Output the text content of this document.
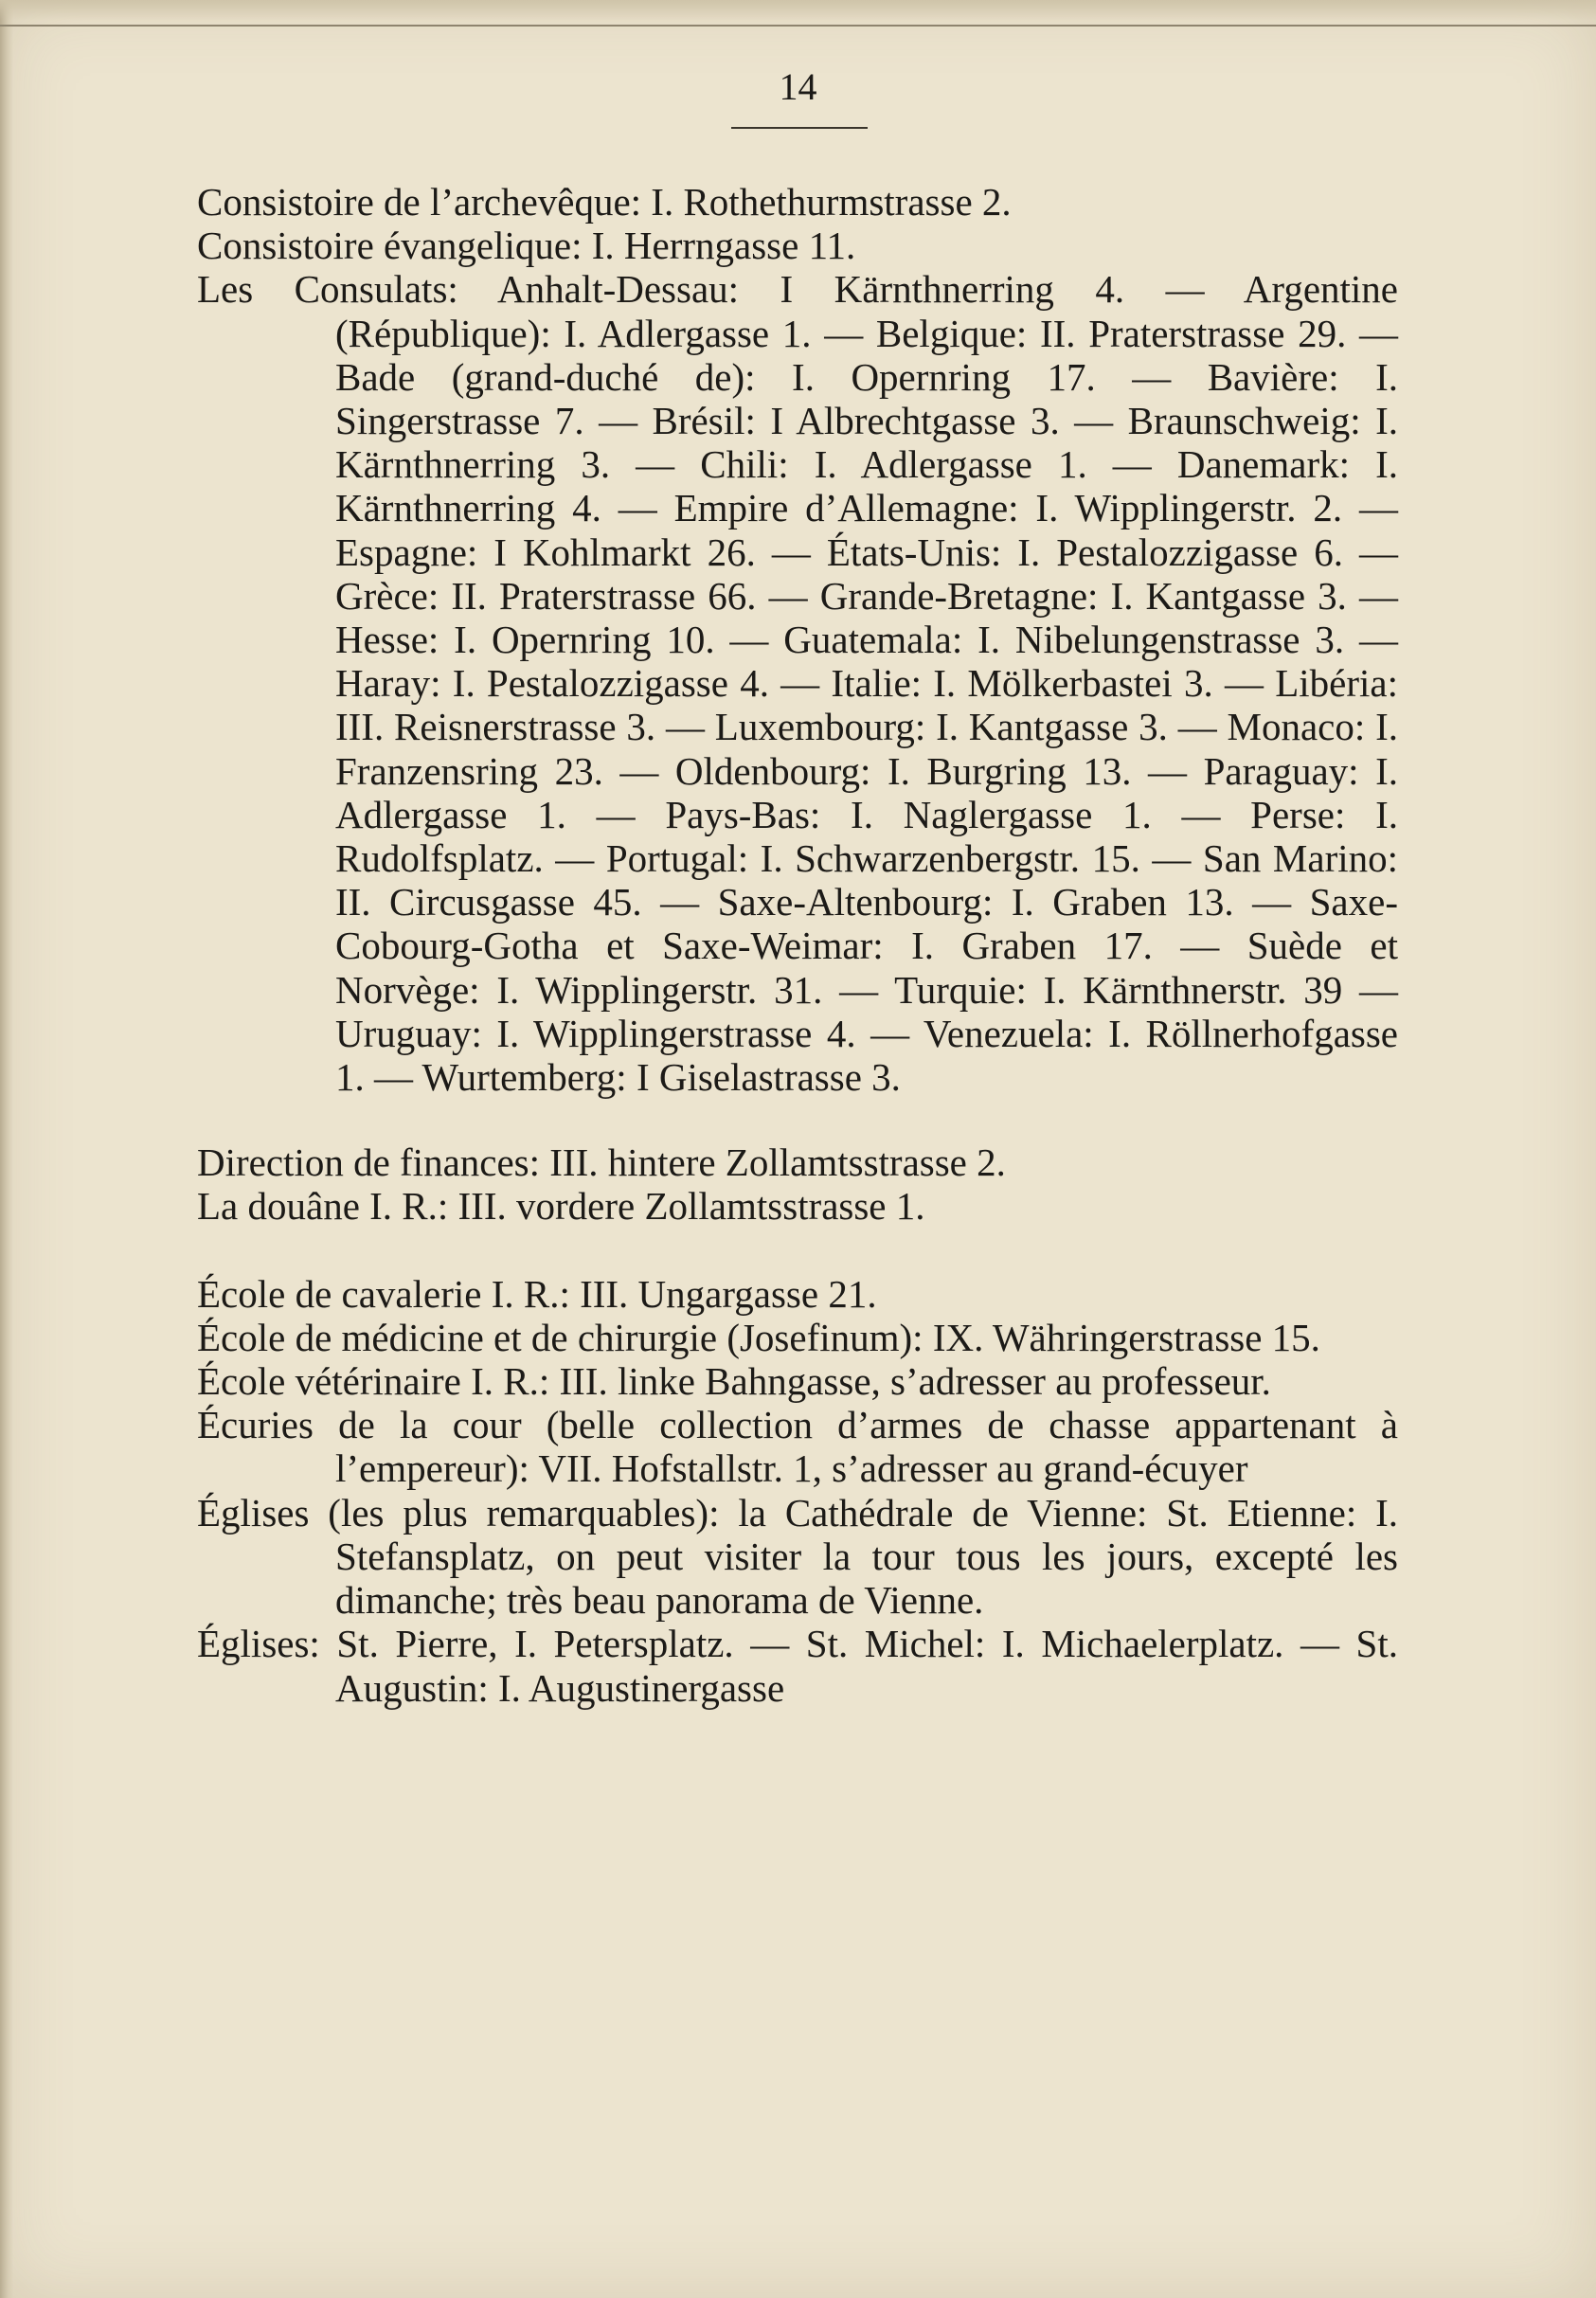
14

Consistoire de l’archevêque: I. Rothethurmstrasse 2.

Consistoire évangelique: I. Herrngasse 11.

Les Consulats: Anhalt-Dessau: I Kärnthnerring 4. — Argentine (République): I. Adlergasse 1. — Belgique: II. Praterstrasse 29. — Bade (grand-duché de): I. Opernring 17. — Bavière: I. Singerstrasse 7. — Brésil: I Albrechtgasse 3. — Braunschweig: I. Kärnthnerring 3. — Chili: I. Adlergasse 1. — Danemark: I. Kärnthnerring 4. — Empire d’Allemagne: I. Wipplingerstr. 2. — Espagne: I Kohlmarkt 26. — États-Unis: I. Pestalozzigasse 6. — Grèce: II. Praterstrasse 66. — Grande-Bretagne: I. Kantgasse 3. — Hesse: I. Opernring 10. — Guatemala: I. Nibelungenstrasse 3. — Haray: I. Pestalozzigasse 4. — Italie: I. Mölkerbastei 3. — Libéria: III. Reisnerstrasse 3. — Luxembourg: I. Kantgasse 3. — Monaco: I. Franzensring 23. — Oldenbourg: I. Burgring 13. — Paraguay: I. Adlergasse 1. — Pays-Bas: I. Naglergasse 1. — Perse: I. Rudolfsplatz. — Portugal: I. Schwarzenbergstr. 15. — San Marino: II. Circusgasse 45. — Saxe-Altenbourg: I. Graben 13. — Saxe-Cobourg-Gotha et Saxe-Weimar: I. Graben 17. — Suède et Norvège: I. Wipplingerstr. 31. — Turquie: I. Kärnthnerstr. 39 — Uruguay: I. Wipplingerstrasse 4. — Venezuela: I. Röllnerhofgasse 1. — Wurtemberg: I Giselastrasse 3.

Direction de finances: III. hintere Zollamtsstrasse 2.

La douâne I. R.: III. vordere Zollamtsstrasse 1.

École de cavalerie I. R.: III. Ungargasse 21.

École de médicine et de chirurgie (Josefinum): IX. Währingerstrasse 15.

École vétérinaire I. R.: III. linke Bahngasse, s’adresser au professeur.

Écuries de la cour (belle collection d’armes de chasse appartenant à l’empereur): VII. Hofstallstr. 1, s’adresser au grand-écuyer

Églises (les plus remarquables): la Cathédrale de Vienne: St. Etienne: I. Stefansplatz, on peut visiter la tour tous les jours, excepté les dimanche; très beau panorama de Vienne.

Églises: St. Pierre, I. Petersplatz. — St. Michel: I. Michaelerplatz. — St. Augustin: I. Augustinergasse
